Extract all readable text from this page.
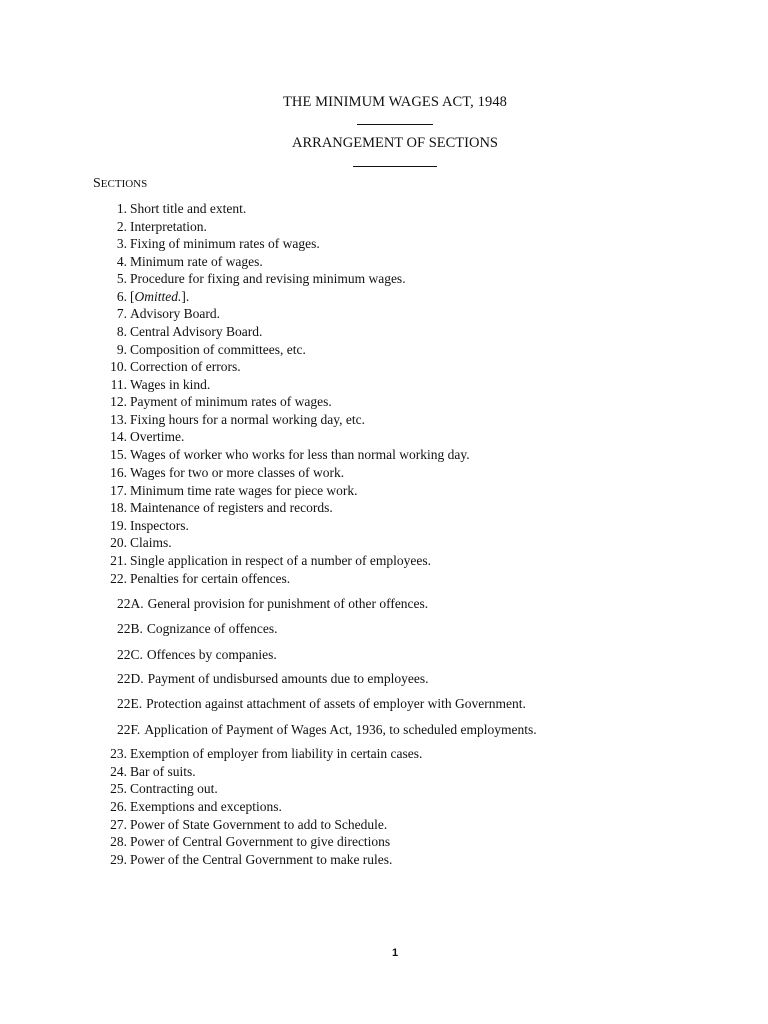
THE MINIMUM WAGES ACT, 1948
ARRANGEMENT OF SECTIONS
SECTIONS
1. Short title and extent.
2. Interpretation.
3. Fixing of minimum rates of wages.
4. Minimum rate of wages.
5. Procedure for fixing and revising minimum wages.
6. [Omitted.].
7. Advisory Board.
8. Central Advisory Board.
9. Composition of committees, etc.
10. Correction of errors.
11. Wages in kind.
12. Payment of minimum rates of wages.
13. Fixing hours for a normal working day, etc.
14. Overtime.
15. Wages of worker who works for less than normal working day.
16. Wages for two or more classes of work.
17. Minimum time rate wages for piece work.
18. Maintenance of registers and records.
19. Inspectors.
20. Claims.
21. Single application in respect of a number of employees.
22. Penalties for certain offences.
22A. General provision for punishment of other offences.
22B. Cognizance of offences.
22C. Offences by companies.
22D. Payment of undisbursed amounts due to employees.
22E. Protection against attachment of assets of employer with Government.
22F. Application of Payment of Wages Act, 1936, to scheduled employments.
23. Exemption of employer from liability in certain cases.
24. Bar of suits.
25. Contracting out.
26. Exemptions and exceptions.
27. Power of State Government to add to Schedule.
28. Power of Central Government to give directions
29. Power of the Central Government to make rules.
1
